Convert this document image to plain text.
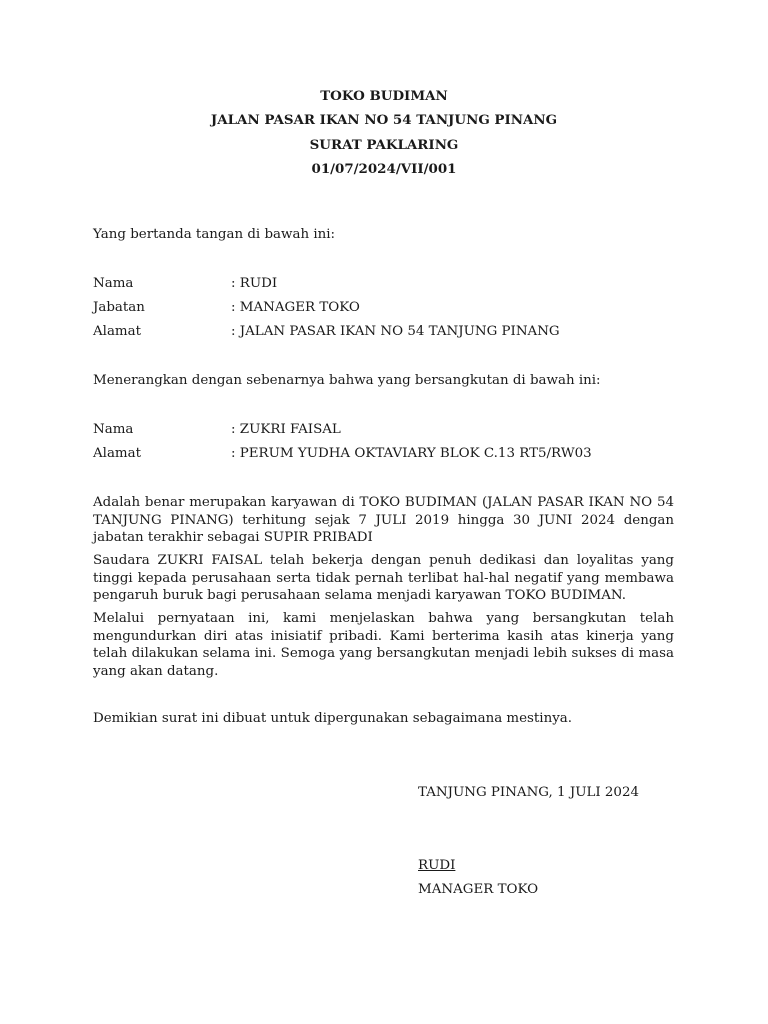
TOKO BUDIMAN
JALAN PASAR IKAN NO 54 TANJUNG PINANG
SURAT PAKLARING
01/07/2024/VII/001
Yang bertanda tangan di bawah ini:
Nama	: RUDI
Jabatan	: MANAGER TOKO
Alamat	: JALAN PASAR IKAN NO 54 TANJUNG PINANG
Menerangkan dengan sebenarnya bahwa yang bersangkutan di bawah ini:
Nama	: ZUKRI FAISAL
Alamat	: PERUM YUDHA OKTAVIARY BLOK C.13 RT5/RW03
Adalah benar merupakan karyawan di TOKO BUDIMAN (JALAN PASAR IKAN NO 54 TANJUNG PINANG) terhitung sejak 7 JULI 2019 hingga 30 JUNI 2024 dengan jabatan terakhir sebagai SUPIR PRIBADI
Saudara ZUKRI FAISAL telah bekerja dengan penuh dedikasi dan loyalitas yang tinggi kepada perusahaan serta tidak pernah terlibat hal-hal negatif yang membawa pengaruh buruk bagi perusahaan selama menjadi karyawan TOKO BUDIMAN.
Melalui pernyataan ini, kami menjelaskan bahwa yang bersangkutan telah mengundurkan diri atas inisiatif pribadi. Kami berterima kasih atas kinerja yang telah dilakukan selama ini. Semoga yang bersangkutan menjadi lebih sukses di masa yang akan datang.
Demikian surat ini dibuat untuk dipergunakan sebagaimana mestinya.
TANJUNG PINANG, 1 JULI 2024
RUDI
MANAGER TOKO
